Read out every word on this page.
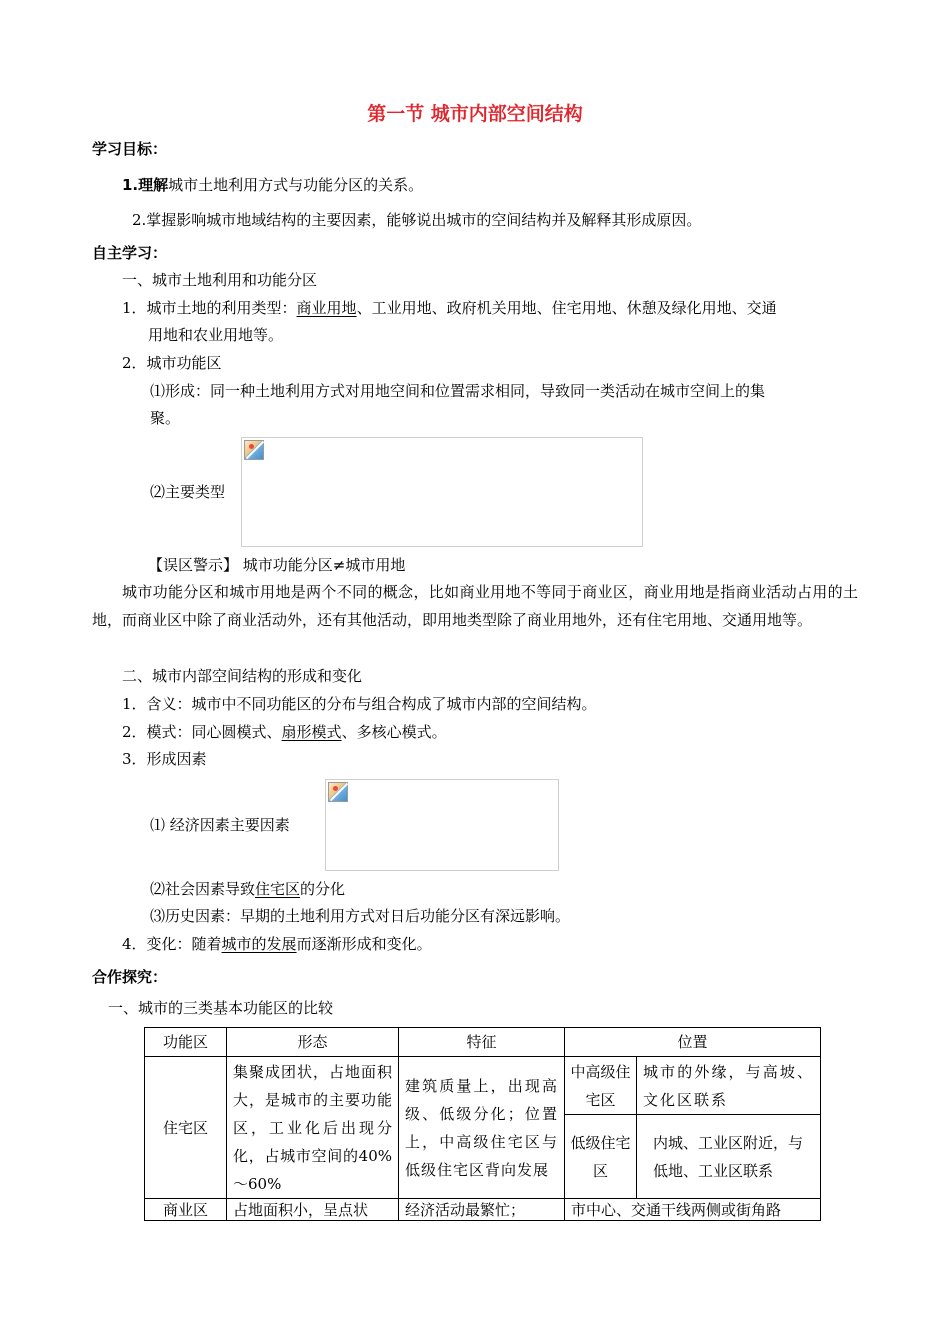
第一节 城市内部空间结构
学习目标：
1.理解城市土地利用方式与功能分区的关系。
2.掌握影响城市地域结构的主要因素，能够说出城市的空间结构并及解释其形成原因。
自主学习：
一、城市土地利用和功能分区
1．城市土地的利用类型：商业用地、工业用地、政府机关用地、住宅用地、休憩及绿化用地、交通
用地和农业用地等。
2．城市功能区
⑴形成：同一种土地利用方式对用地空间和位置需求相同，导致同一类活动在城市空间上的集
聚。
⑵主要类型
【误区警示】 城市功能分区≠城市用地
城市功能分区和城市用地是两个不同的概念，比如商业用地不等同于商业区，商业用地是指商业活动占用的土地，而商业区中除了商业活动外，还有其他活动，即用地类型除了商业用地外，还有住宅用地、交通用地等。
二、城市内部空间结构的形成和变化
1．含义：城市中不同功能区的分布与组合构成了城市内部的空间结构。
2．模式：同心圆模式、扇形模式、多核心模式。
3．形成因素
⑴ 经济因素主要因素
⑵社会因素导致住宅区的分化
⑶历史因素：早期的土地利用方式对日后功能分区有深远影响。
4．变化：随着城市的发展而逐渐形成和变化。
合作探究：
一、城市的三类基本功能区的比较
功能区	形态	特征	位置	
住宅区	集聚成团状，占地面积大，是城市的主要功能区，工业化后出现分化，占城市空间的40%～60%	建筑质量上，出现高级、低级分化；位置上，中高级住宅区与低级住宅区背向发展	中高级住宅区	城市的外缘，与高坡、文化区联系
			低级住宅区	内城、工业区附近，与低地、工业区联系
商业区	占地面积小，呈点状	经济活动最繁忙；	市中心、交通干线两侧或街角路	
